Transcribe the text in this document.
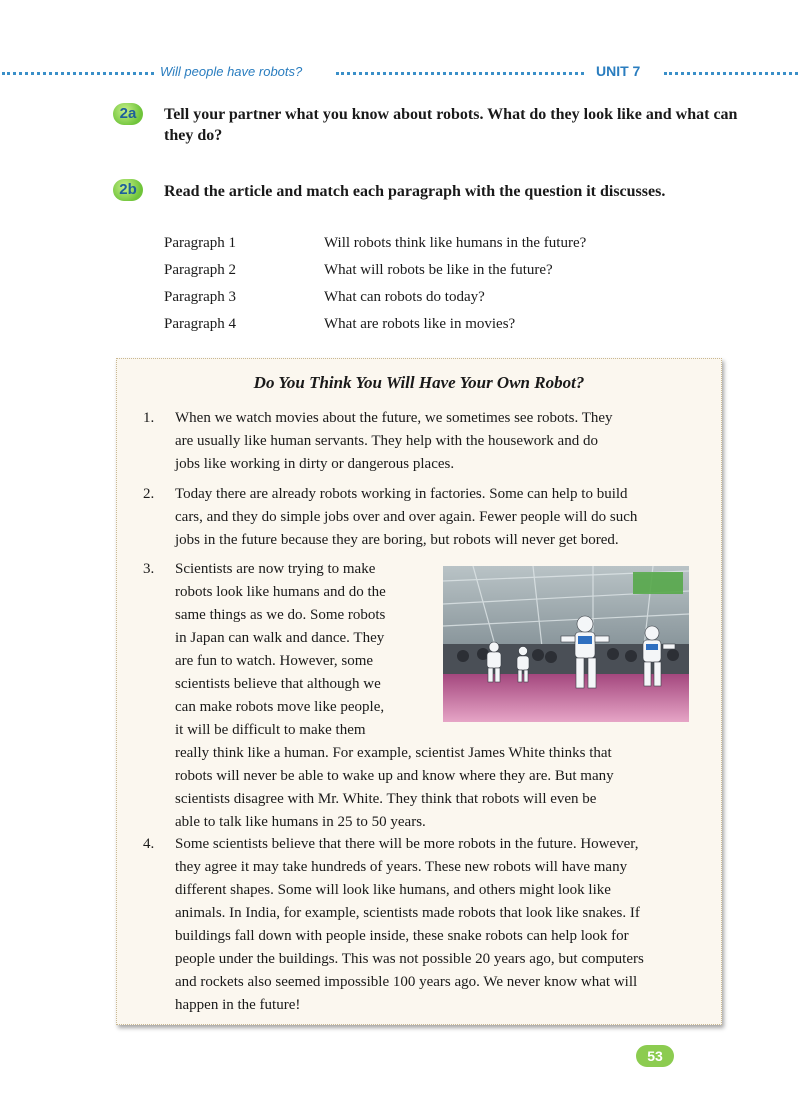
Will people have robots?	UNIT 7
2a	Tell your partner what you know about robots. What do they look like and what can they do?
2b	Read the article and match each paragraph with the question it discusses.
Paragraph 1	Will robots think like humans in the future?
Paragraph 2	What will robots be like in the future?
Paragraph 3	What can robots do today?
Paragraph 4	What are robots like in movies?
Do You Think You Will Have Your Own Robot?
1. When we watch movies about the future, we sometimes see robots. They
are usually like human servants. They help with the housework and do
jobs like working in dirty or dangerous places.
2. Today there are already robots working in factories. Some can help to build
cars, and they do simple jobs over and over again. Fewer people will do such
jobs in the future because they are boring, but robots will never get bored.
3. Scientists are now trying to make
robots look like humans and do the
same things as we do. Some robots
in Japan can walk and dance. They
are fun to watch. However, some
scientists believe that although we
can make robots move like people,
it will be difficult to make them
really think like a human. For example, scientist James White thinks that
robots will never be able to wake up and know where they are. But many
scientists disagree with Mr. White. They think that robots will even be
able to talk like humans in 25 to 50 years.
4. Some scientists believe that there will be more robots in the future. However,
they agree it may take hundreds of years. These new robots will have many
different shapes. Some will look like humans, and others might look like
animals. In India, for example, scientists made robots that look like snakes. If
buildings fall down with people inside, these snake robots can help look for
people under the buildings. This was not possible 20 years ago, but computers
and rockets also seemed impossible 100 years ago. We never know what will
happen in the future!
53
